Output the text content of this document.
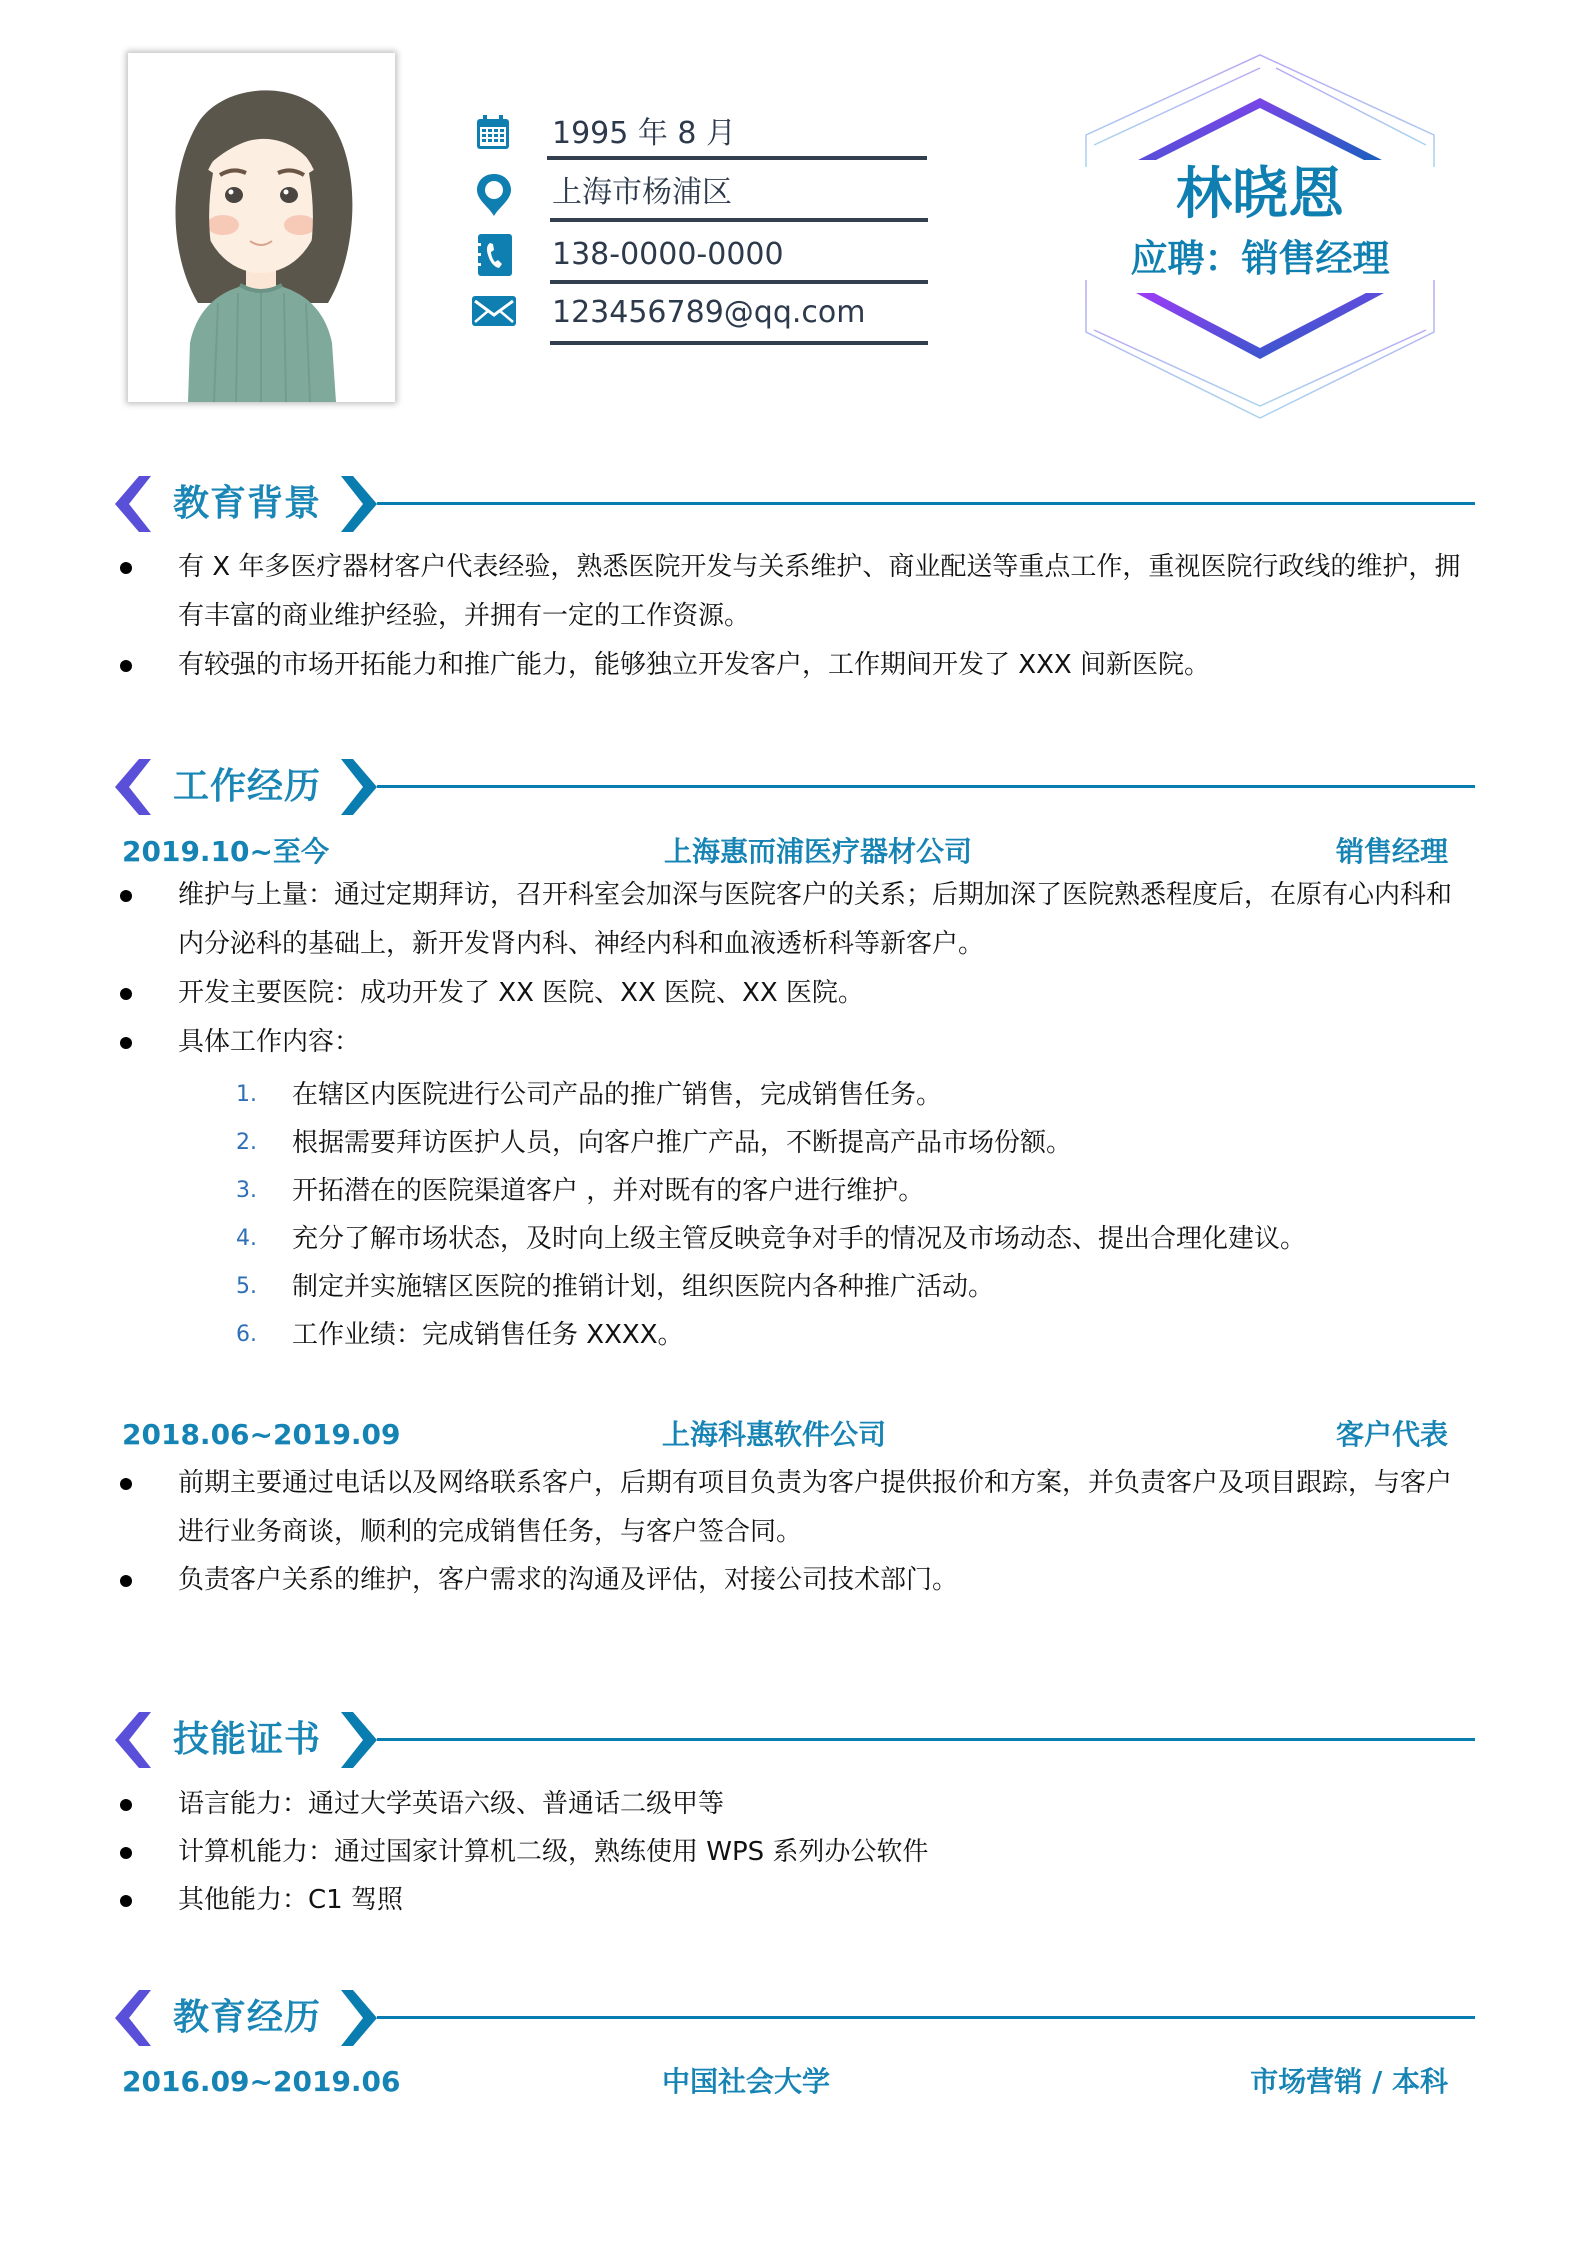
1995 年 8 月
上海市杨浦区
138-0000-0000
123456789@qq.com
林晓恩
应聘：销售经理
教育背景
有 X 年多医疗器材客户代表经验，熟悉医院开发与关系维护、商业配送等重点工作，重视医院行政线的维护，拥有丰富的商业维护经验，并拥有一定的工作资源。
有较强的市场开拓能力和推广能力，能够独立开发客户，工作期间开发了 XXX 间新医院。
工作经历
2019.10~至今	上海惠而浦医疗器材公司	销售经理
维护与上量：通过定期拜访，召开科室会加深与医院客户的关系；后期加深了医院熟悉程度后，在原有心内科和内分泌科的基础上，新开发肾内科、神经内科和血液透析科等新客户。
开发主要医院：成功开发了 XX 医院、XX 医院、XX 医院。
具体工作内容：
1. 在辖区内医院进行公司产品的推广销售，完成销售任务。
2. 根据需要拜访医护人员，向客户推广产品，不断提高产品市场份额。
3. 开拓潜在的医院渠道客户 ，并对既有的客户进行维护。
4. 充分了解市场状态，及时向上级主管反映竞争对手的情况及市场动态、提出合理化建议。
5. 制定并实施辖区医院的推销计划，组织医院内各种推广活动。
6. 工作业绩：完成销售任务 XXXX。
2018.06~2019.09	上海科惠软件公司	客户代表
前期主要通过电话以及网络联系客户，后期有项目负责为客户提供报价和方案，并负责客户及项目跟踪，与客户进行业务商谈，顺利的完成销售任务，与客户签合同。
负责客户关系的维护，客户需求的沟通及评估，对接公司技术部门。
技能证书
语言能力：通过大学英语六级、普通话二级甲等
计算机能力：通过国家计算机二级，熟练使用 WPS 系列办公软件
其他能力：C1 驾照
教育经历
2016.09~2019.06	中国社会大学	市场营销 / 本科
